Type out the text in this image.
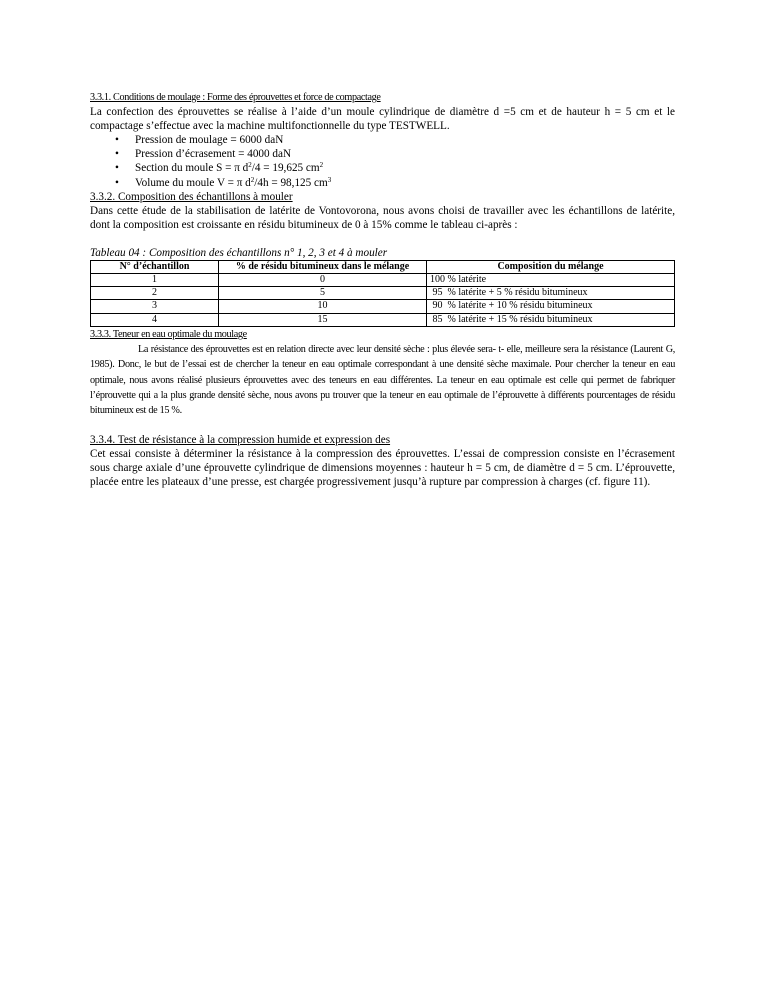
3.3.1. Conditions de moulage : Forme des éprouvettes et force de compactage

La confection des éprouvettes se réalise à l’aide d’un moule cylindrique de diamètre d =5 cm et de hauteur h = 5 cm et le compactage s’effectue avec la machine multifonctionnelle du type TESTWELL.

• Pression de moulage = 6000 daN
• Pression d’écrasement = 4000 daN
• Section du moule S = π $d^2/4 = 19,625$ $cm^2$
• Volume du moule V = π $d^2/4h = 98,125$ $cm^3$
3.3.2. Composition des échantillons à mouler

Dans cette étude de la stabilisation de latérite de Vontovorona, nous avons choisi de travailler avec les échantillons de latérite, dont la composition est croissante en résidu bitumineux de 0 à 15% comme le tableau ci-après :

Tableau 04 : Composition des échantillons n° 1, 2, 3 et 4 à mouler
N° d’échantillon	% de résidu bitumineux dans le mélange	Composition du mélange
1	0	100 % latérite
2	5	95  % latérite + 5 % résidu bitumineux
3	10	90  % latérite + 10 % résidu bitumineux
4	15	85  % latérite + 15 % résidu bitumineux
3.3.3. Teneur en eau optimale du moulage

La résistance des éprouvettes est en relation directe avec leur densité sèche : plus élevée sera- t- elle, meilleure sera la résistance (Laurent G, 1985). Donc, le but de l’essai est de chercher la teneur en eau optimale correspondant à une densité sèche maximale. Pour chercher la teneur en eau optimale, nous avons réalisé plusieurs éprouvettes avec des teneurs en eau différentes. La teneur en eau optimale est celle qui permet de fabriquer l’éprouvette qui a la plus grande densité sèche, nous avons pu trouver que la teneur en eau optimale de l’éprouvette à différents pourcentages de résidu bitumineux est de 15 %.

3.3.4. Test de résistance à la compression humide et expression des

Cet essai consiste à déterminer la résistance à la compression des éprouvettes. L’essai de compression consiste en l’écrasement sous charge axiale d’une éprouvette cylindrique de dimensions moyennes : hauteur h = 5 cm, de diamètre d = 5 cm. L’éprouvette, placée entre les plateaux d’une presse, est chargée progressivement jusqu’à rupture par compression à charges (cf. figure 11).
